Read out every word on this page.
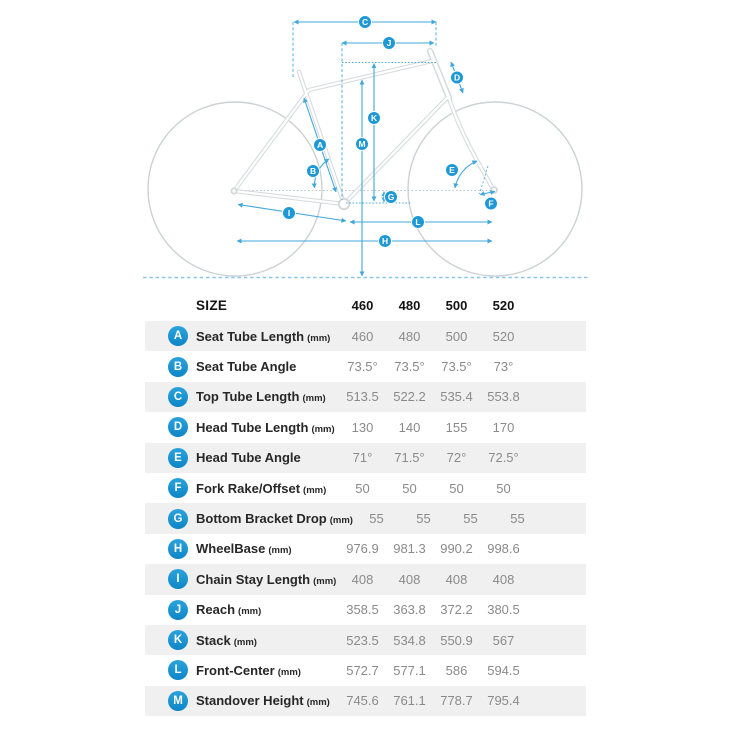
C
J
D
K
M
A
B	E
G
F
I
L
H
SIZE	460	480	500	520
A	Seat Tube Length (mm)	460	480	500	520
B	Seat Tube Angle	73.5°	73.5°	73.5°	73°
C	Top Tube Length (mm)	513.5	522.2	535.4	553.8
D	Head Tube Length (mm)	130	140	155	170
E	Head Tube Angle	71°	71.5°	72°	72.5°
F	Fork Rake/Offset (mm)	50	50	50	50
G	Bottom Bracket Drop (mm)	55	55	55	55
H	WheelBase (mm)	976.9	981.3	990.2	998.6
I	Chain Stay Length (mm)	408	408	408	408
J	Reach (mm)	358.5	363.8	372.2	380.5
K	Stack (mm)	523.5	534.8	550.9	567
L	Front-Center (mm)	572.7	577.1	586	594.5
M	Standover Height (mm)	745.6	761.1	778.7	795.4
